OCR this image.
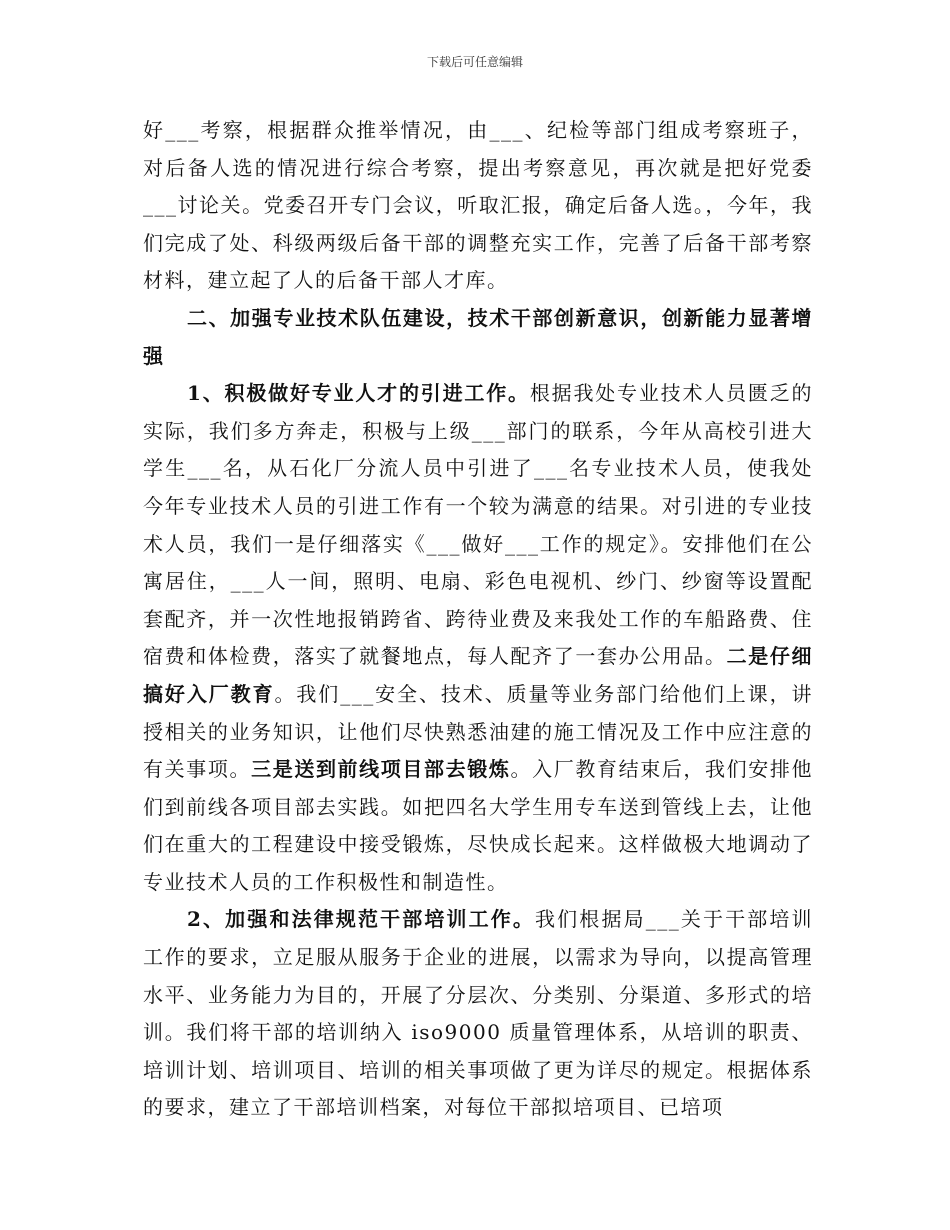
下载后可任意编辑

好___考察，根据群众推举情况，由___、纪检等部门组成考察班子，对后备人选的情况进行综合考察，提出考察意见，再次就是把好党委___讨论关。党委召开专门会议，听取汇报，确定后备人选。，今年，我们完成了处、科级两级后备干部的调整充实工作，完善了后备干部考察材料，建立起了人的后备干部人才库。

二、加强专业技术队伍建设，技术干部创新意识，创新能力显著增强

1、积极做好专业人才的引进工作。根据我处专业技术人员匮乏的实际，我们多方奔走，积极与上级___部门的联系，今年从高校引进大学生___名，从石化厂分流人员中引进了___名专业技术人员，使我处今年专业技术人员的引进工作有一个较为满意的结果。对引进的专业技术人员，我们一是仔细落实《___做好___工作的规定》。安排他们在公寓居住，___人一间，照明、电扇、彩色电视机、纱门、纱窗等设置配套配齐，并一次性地报销跨省、跨待业费及来我处工作的车船路费、住宿费和体检费，落实了就餐地点，每人配齐了一套办公用品。二是仔细搞好入厂教育。我们___安全、技术、质量等业务部门给他们上课，讲授相关的业务知识，让他们尽快熟悉油建的施工情况及工作中应注意的有关事项。三是送到前线项目部去锻炼。入厂教育结束后，我们安排他们到前线各项目部去实践。如把四名大学生用专车送到管线上去，让他们在重大的工程建设中接受锻炼，尽快成长起来。这样做极大地调动了专业技术人员的工作积极性和制造性。

2、加强和法律规范干部培训工作。我们根据局___关于干部培训工作的要求，立足服从服务于企业的进展，以需求为导向，以提高管理水平、业务能力为目的，开展了分层次、分类别、分渠道、多形式的培训。我们将干部的培训纳入 iso9000 质量管理体系，从培训的职责、培训计划、培训项目、培训的相关事项做了更为详尽的规定。根据体系的要求，建立了干部培训档案，对每位干部拟培项目、已培项
